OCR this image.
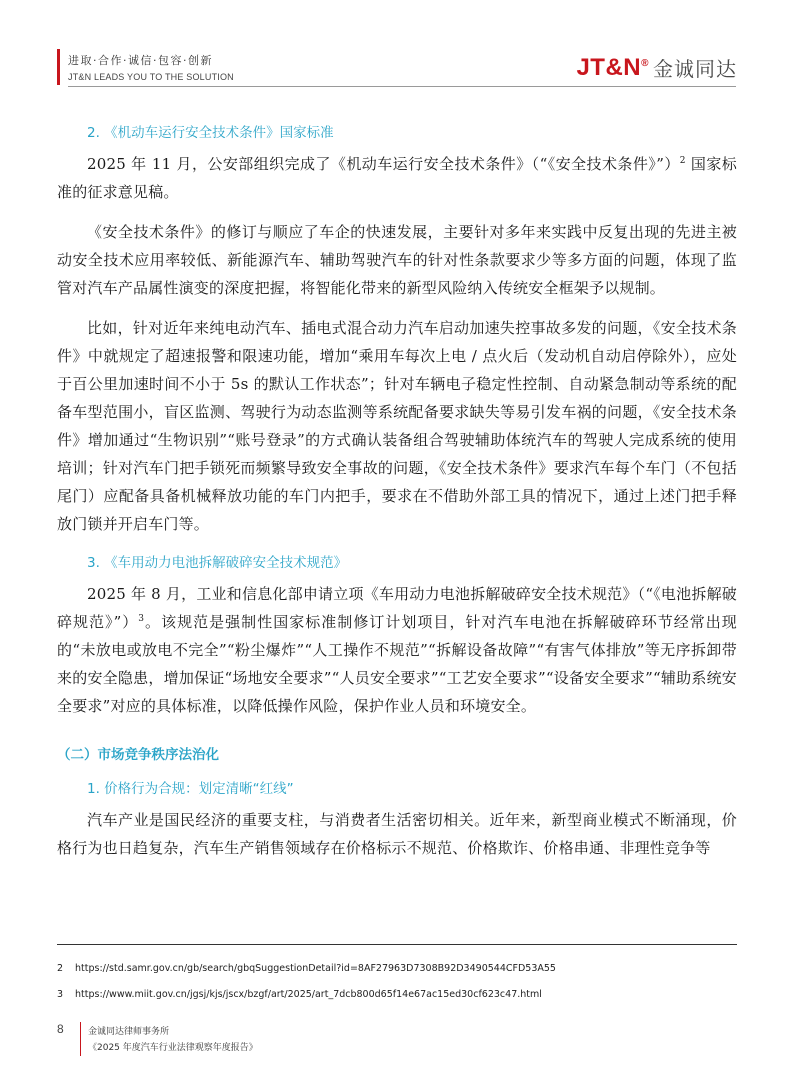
进取·合作·诚信·包容·创新
JT&N LEADS YOU TO THE SOLUTION	JT&N® 金诚同达

2. 《机动车运行安全技术条件》国家标准

2025 年 11 月，公安部组织完成了《机动车运行安全技术条件》（“《安全技术条件》”）$^2$ 国家标准的征求意见稿。

《安全技术条件》的修订与顺应了车企的快速发展，主要针对多年来实践中反复出现的先进主被动安全技术应用率较低、新能源汽车、辅助驾驶汽车的针对性条款要求少等多方面的问题，体现了监管对汽车产品属性演变的深度把握，将智能化带来的新型风险纳入传统安全框架予以规制。

比如，针对近年来纯电动汽车、插电式混合动力汽车启动加速失控事故多发的问题，《安全技术条件》中就规定了超速报警和限速功能，增加“乘用车每次上电 / 点火后（发动机自动启停除外），应处于百公里加速时间不小于 5s 的默认工作状态”；针对车辆电子稳定性控制、自动紧急制动等系统的配备车型范围小，盲区监测、驾驶行为动态监测等系统配备要求缺失等易引发车祸的问题，《安全技术条件》增加通过“生物识别”“账号登录”的方式确认装备组合驾驶辅助体统汽车的驾驶人完成系统的使用培训；针对汽车门把手锁死而频繁导致安全事故的问题，《安全技术条件》要求汽车每个车门（不包括尾门）应配备具备机械释放功能的车门内把手，要求在不借助外部工具的情况下，通过上述门把手释放门锁并开启车门等。

3. 《车用动力电池拆解破碎安全技术规范》

2025 年 8 月，工业和信息化部申请立项《车用动力电池拆解破碎安全技术规范》（“《电池拆解破碎规范》”）$^3$。该规范是强制性国家标准制修订计划项目，针对汽车电池在拆解破碎环节经常出现的“未放电或放电不完全”“粉尘爆炸”“人工操作不规范”“拆解设备故障”“有害气体排放”等无序拆卸带来的安全隐患，增加保证“场地安全要求”“人员安全要求”“工艺安全要求”“设备安全要求”“辅助系统安全要求”对应的具体标准，以降低操作风险，保护作业人员和环境安全。

（二）市场竞争秩序法治化

1. 价格行为合规：划定清晰“红线”

汽车产业是国民经济的重要支柱，与消费者生活密切相关。近年来，新型商业模式不断涌现，价格行为也日趋复杂，汽车生产销售领域存在价格标示不规范、价格欺诈、价格串通、非理性竞争等

2 https://std.samr.gov.cn/gb/search/gbqSuggestionDetail?id=8AF27963D7308B92D3490544CFD53A55
3 https://www.miit.gov.cn/jgsj/kjs/jscx/bzgf/art/2025/art_7dcb800d65f14e67ac15ed30cf623c47.html
8	金诚同达律师事务所
《2025 年度汽车行业法律观察年度报告》
